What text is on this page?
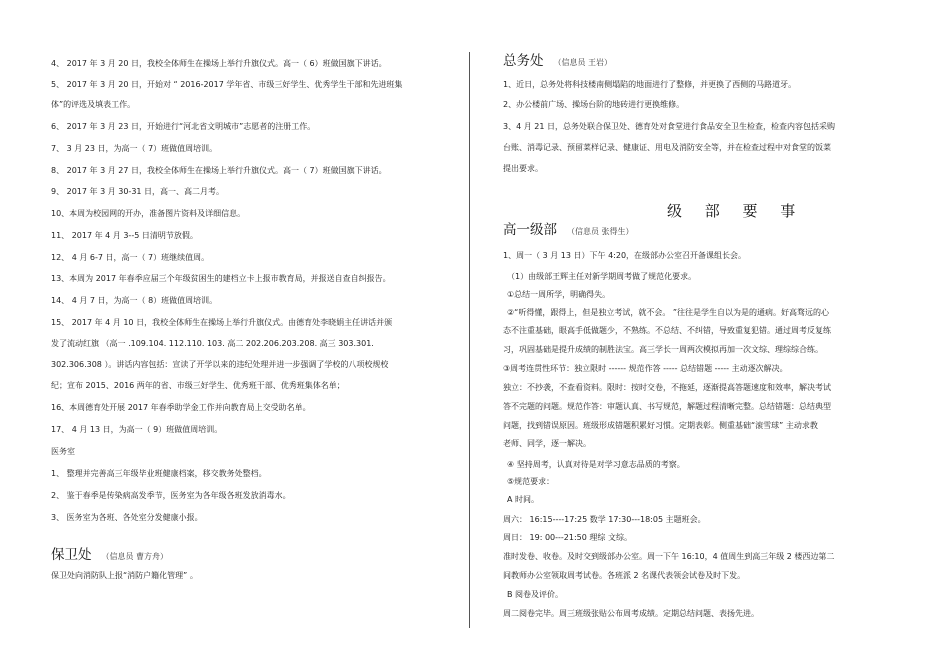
4、 2017 年 3 月 20 日，我校全体师生在操场上举行升旗仪式。高一（ 6）班做国旗下讲话。
5、 2017 年 3 月 20 日，开始对 “ 2016-2017 学年省、市级三好学生、优秀学生干部和先进班集
体”的评选及填表工作。
6、 2017 年 3 月 23 日，开始进行“河北省文明城市”志愿者的注册工作。
7、 3 月 23 日，为高一（ 7）班做值周培训。
8、 2017 年 3 月 27 日，我校全体师生在操场上举行升旗仪式。高一（ 7）班做国旗下讲话。
9、 2017 年 3 月 30-31 日，高一、高二月考。
10、本周为校园网的开办，准备图片资料及详细信息。
11、 2017 年 4 月 3--5 日清明节放假。
12、 4 月 6-7 日，高一（ 7）班继续值周。
13、本周为 2017 年春季应届三个年级贫困生的建档立卡上报市教育局，并报送自查自纠报告。
14、 4 月 7 日，为高一（ 8）班做值周培训。
15、 2017 年 4 月 10 日，我校全体师生在操场上举行升旗仪式。由德育处李晓娟主任讲话并颁
发了流动红旗 （高一 .109.104. 112.110. 103. 高二 202.206.203.208. 高三 303.301.
302.306.308 ）。讲话内容包括：宣读了开学以来的违纪处理并进一步强调了学校的八项校规校
纪；宣布 2015、2016 两年的省、市级三好学生、优秀班干部、优秀班集体名单；
16、本周德育处开展 2017 年春季助学金工作并向教育局上交受助名单。
17、 4 月 13 日，为高一（ 9）班做值周培训。
医务室
1、 整理并完善高三年级毕业班健康档案，移交教务处整档。
2、 鉴于春季是传染病高发季节，医务室为各年级各班发放消毒水。
3、 医务室为各班、各处室分发健康小报。
保卫处 （信息员 曹方舟）
保卫处向消防队上报“消防户籍化管理” 。
总务处 （信息员 王岩）
1、近日，总务处将科技楼南侧塌陷的地面进行了整修，并更换了西侧的马路道牙。
2、办公楼前广场、操场台阶的地砖进行更换维修。
3、4 月 21 日，总务处联合保卫处、德育处对食堂进行食品安全卫生检查，检查内容包括采购
台账、消毒记录、预留菜样记录、健康证、用电及消防安全等，并在检查过程中对食堂的饭菜
提出要求。
级 部 要 事
高一级部 （信息员 张得生）
1、周一（ 3 月 13 日）下午 4:20，在级部办公室召开备课组长会。
（1）由级部王辉主任对新学期周考做了规范化要求。
①总结一周所学，明确得失。
②“听得懂，跟得上，但是独立考试，就不会。 ”往往是学生自以为是的通病。好高骛远的心
态不注重基础，眼高手低做题少，不熟练。不总结、不纠错，导致重复犯错。通过周考反复练
习，巩固基础是提升成绩的制胜法宝。高三学长一周两次模拟再加一次文综、理综综合练。
③周考连贯性环节：独立限时 ------ 规范作答 ----- 总结错题 ----- 主动逐次解决。
独立：不抄袭，不查看资料。限时：按时交卷，不拖延，逐渐提高答题速度和效率，解决考试
答不完题的问题。规范作答：审题认真、书写规范，解题过程清晰完整。总结错题：总结典型
问题，找到错误原因。班级形成错题积累好习惯。定期表彰。侧重基础“滚雪球” 主动求教
老师、同学，逐一解决。
④ 坚持周考，认真对待是对学习意志品质的考察。
⑤规范要求：
A 时间。
周六： 16:15----17:25 数学 17:30---18:05 主题班会。
周日： 19: 00---21:50 理综 文综。
准时发卷、收卷。及时交到级部办公室。周一下午 16:10，4 值周生到高三年级 2 楼西边第二
间教师办公室领取周考试卷。各班派 2 名课代表领会试卷及时下发。
B 阅卷及评价。
周二阅卷完毕。周三班级张贴公布周考成绩。定期总结问题、表扬先进。
